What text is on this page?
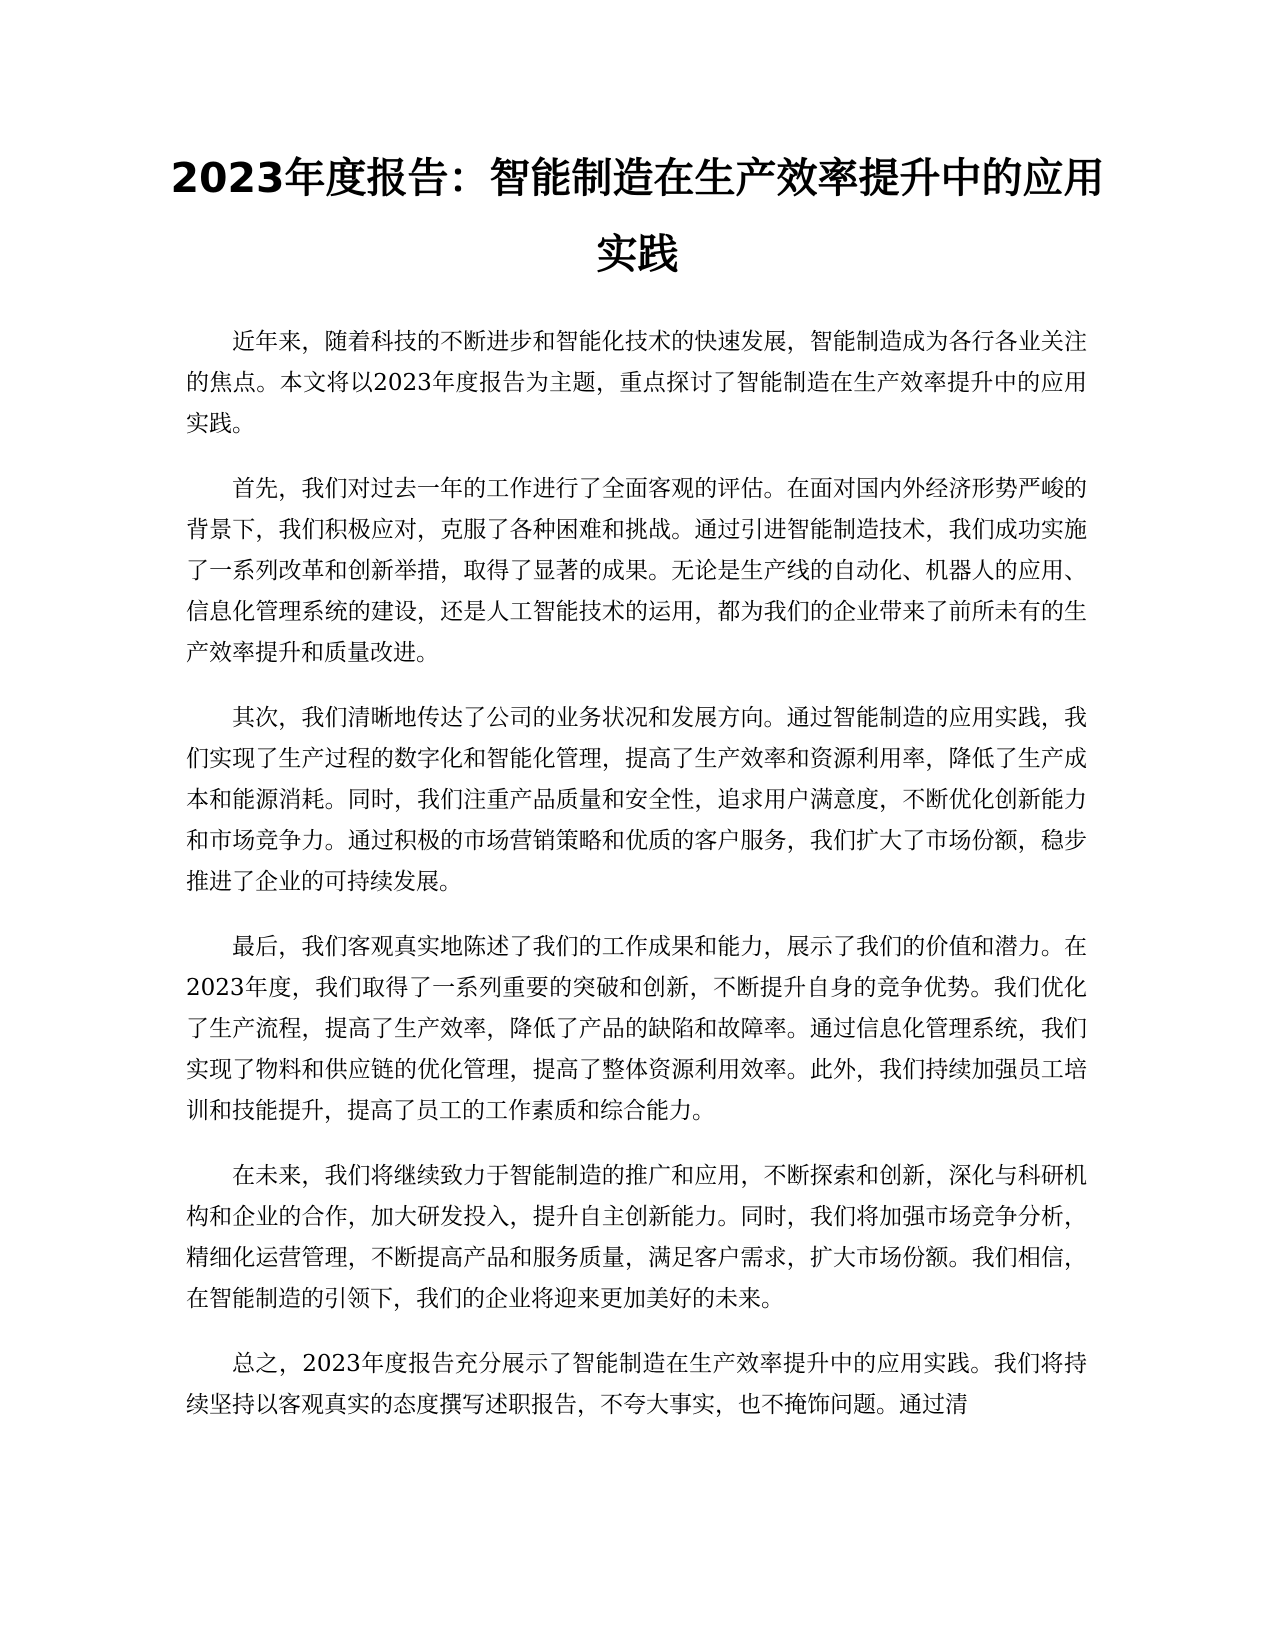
2023年度报告：智能制造在生产效率提升中的应用实践

近年来，随着科技的不断进步和智能化技术的快速发展，智能制造成为各行各业关注的焦点。本文将以2023年度报告为主题，重点探讨了智能制造在生产效率提升中的应用实践。

首先，我们对过去一年的工作进行了全面客观的评估。在面对国内外经济形势严峻的背景下，我们积极应对，克服了各种困难和挑战。通过引进智能制造技术，我们成功实施了一系列改革和创新举措，取得了显著的成果。无论是生产线的自动化、机器人的应用、信息化管理系统的建设，还是人工智能技术的运用，都为我们的企业带来了前所未有的生产效率提升和质量改进。

其次，我们清晰地传达了公司的业务状况和发展方向。通过智能制造的应用实践，我们实现了生产过程的数字化和智能化管理，提高了生产效率和资源利用率，降低了生产成本和能源消耗。同时，我们注重产品质量和安全性，追求用户满意度，不断优化创新能力和市场竞争力。通过积极的市场营销策略和优质的客户服务，我们扩大了市场份额，稳步推进了企业的可持续发展。

最后，我们客观真实地陈述了我们的工作成果和能力，展示了我们的价值和潜力。在2023年度，我们取得了一系列重要的突破和创新，不断提升自身的竞争优势。我们优化了生产流程，提高了生产效率，降低了产品的缺陷和故障率。通过信息化管理系统，我们实现了物料和供应链的优化管理，提高了整体资源利用效率。此外，我们持续加强员工培训和技能提升，提高了员工的工作素质和综合能力。

在未来，我们将继续致力于智能制造的推广和应用，不断探索和创新，深化与科研机构和企业的合作，加大研发投入，提升自主创新能力。同时，我们将加强市场竞争分析，精细化运营管理，不断提高产品和服务质量，满足客户需求，扩大市场份额。我们相信，在智能制造的引领下，我们的企业将迎来更加美好的未来。

总之，2023年度报告充分展示了智能制造在生产效率提升中的应用实践。我们将持续坚持以客观真实的态度撰写述职报告，不夸大事实，也不掩饰问题。通过清
